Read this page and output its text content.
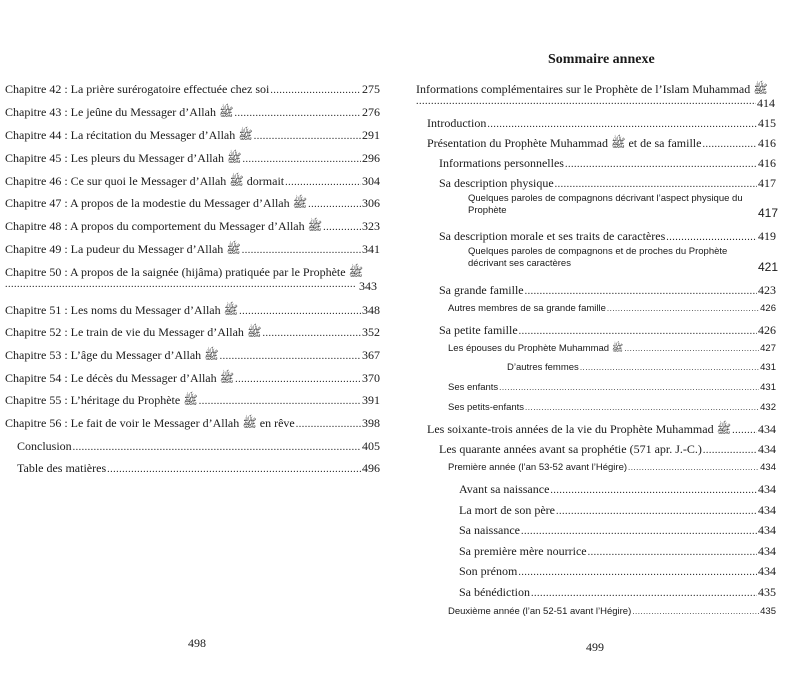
Chapitre 42 : La prière surérogatoire effectuée chez soi .....	275
Chapitre 43 : Le jeûne du Messager d’Allah ﷺ .....	276
Chapitre 44 : La récitation du Messager d’Allah ﷺ .....	291
Chapitre 45 : Les pleurs du Messager d’Allah ﷺ .....	296
Chapitre 46 : Ce sur quoi le Messager d’Allah ﷺ dormait .....	304
Chapitre 47 : A propos de la modestie du Messager d’Allah ﷺ .....	306
Chapitre 48 : A propos du comportement du Messager d’Allah ﷺ .....	323
Chapitre 49 : La pudeur du Messager d’Allah ﷺ .....	341
Chapitre 50 : A propos de la saignée (hijâma) pratiquée par le Prophète ﷺ
.....
343
Chapitre 51 : Les noms du Messager d’Allah ﷺ .....	348
Chapitre 52 : Le train de vie du Messager d’Allah ﷺ .....	352
Chapitre 53 : L’âge du Messager d’Allah ﷺ .....	367
Chapitre 54 : Le décès du Messager d’Allah ﷺ .....	370
Chapitre 55 : L’héritage du Prophète ﷺ .....	391
Chapitre 56 : Le fait de voir le Messager d’Allah ﷺ en rêve .....	398
Conclusion .....	405
Table des matières .....	496
498
Sommaire annexe
Informations complémentaires sur le Prophète de l’Islam Muhammad ﷺ
.....
414
Introduction .....	415
Présentation du Prophète Muhammad ﷺ et de sa famille .....	416
Informations personnelles .....	416
Sa description physique .....	417
Quelques paroles de compagnons décrivant l’aspect physique du Prophète	417
Sa description morale et ses traits de caractères .....	419
Quelques paroles de compagnons et de proches du Prophète décrivant ses caractères	421
Sa grande famille .....	423
Autres membres de sa grande famille .....	426
Sa petite famille .....	426
Les épouses du Prophète Muhammad ﷺ .....	427
D’autres femmes .....	431
Ses enfants .....	431
Ses petits-enfants .....	432
Les soixante-trois années de la vie du Prophète Muhammad ﷺ ..... 434
Les quarante années avant sa prophétie (571 apr. J.-C.) .....	434
Première année (l’an 53-52 avant l’Hégire) .....	434
Avant sa naissance .....	434
La mort de son père .....	434
Sa naissance .....	434
Sa première mère nourrice .....	434
Son prénom .....	434
Sa bénédiction .....	435
Deuxième année (l’an 52-51 avant l’Hégire) .....	435
499
